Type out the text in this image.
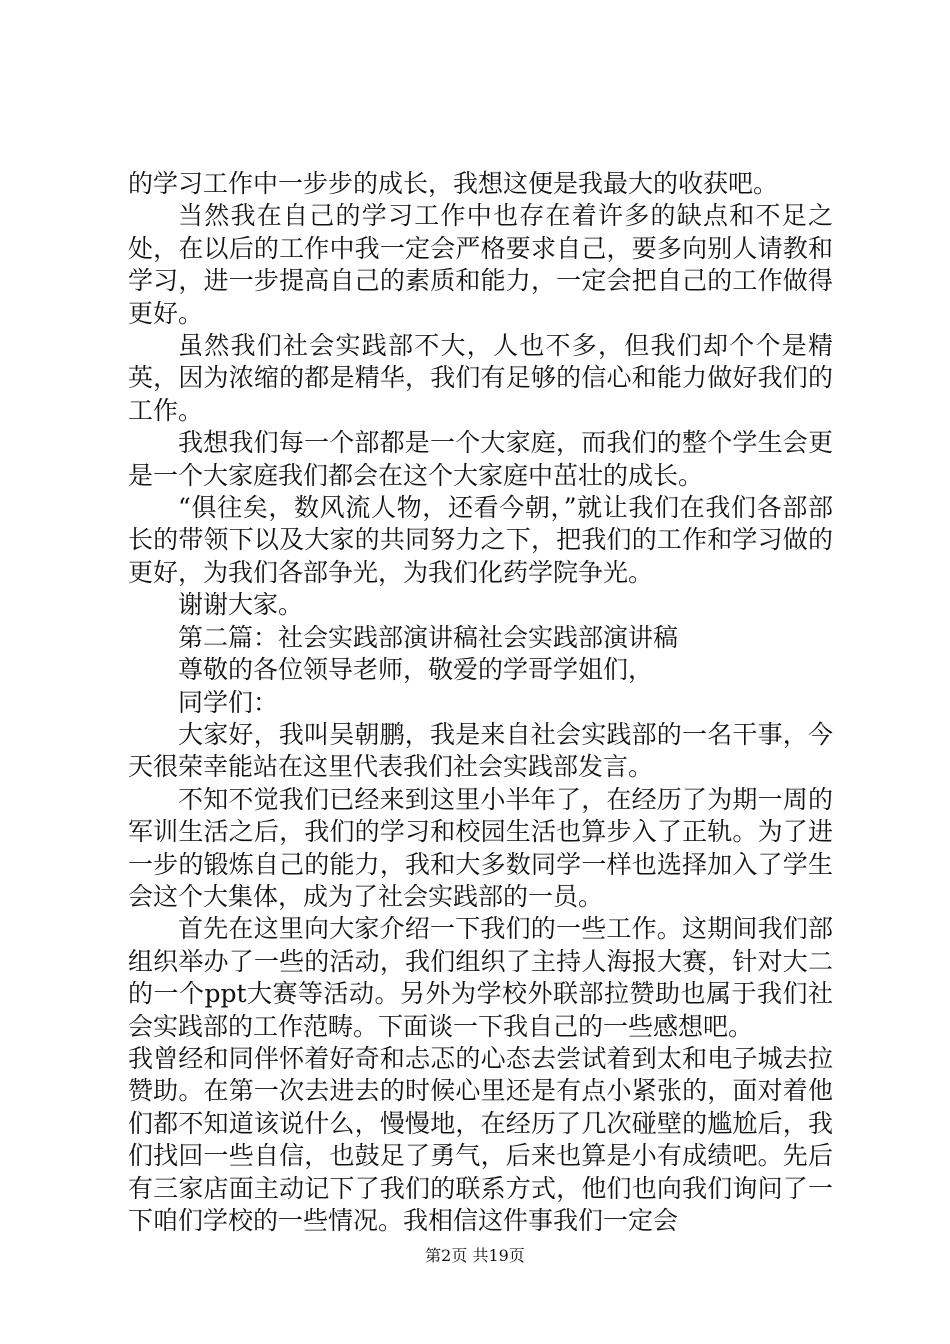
的学习工作中一步步的成长，我想这便是我最大的收获吧。

当然我在自己的学习工作中也存在着许多的缺点和不足之处，在以后的工作中我一定会严格要求自己，要多向别人请教和学习，进一步提高自己的素质和能力，一定会把自己的工作做得更好。

虽然我们社会实践部不大，人也不多，但我们却个个是精英，因为浓缩的都是精华，我们有足够的信心和能力做好我们的工作。

我想我们每一个部都是一个大家庭，而我们的整个学生会更是一个大家庭我们都会在这个大家庭中茁壮的成长。

“俱往矣，数风流人物，还看今朝，”就让我们在我们各部部长的带领下以及大家的共同努力之下，把我们的工作和学习做的更好，为我们各部争光，为我们化药学院争光。

谢谢大家。

第二篇：社会实践部演讲稿社会实践部演讲稿

尊敬的各位领导老师，敬爱的学哥学姐们，

同学们：

大家好，我叫吴朝鹏，我是来自社会实践部的一名干事，今天很荣幸能站在这里代表我们社会实践部发言。

不知不觉我们已经来到这里小半年了，在经历了为期一周的军训生活之后，我们的学习和校园生活也算步入了正轨。为了进一步的锻炼自己的能力，我和大多数同学一样也选择加入了学生会这个大集体，成为了社会实践部的一员。

首先在这里向大家介绍一下我们的一些工作。这期间我们部组织举办了一些的活动，我们组织了主持人海报大赛，针对大二的一个ppt大赛等活动。另外为学校外联部拉赞助也属于我们社会实践部的工作范畴。下面谈一下我自己的一些感想吧。

我曾经和同伴怀着好奇和忐忑的心态去尝试着到太和电子城去拉赞助。在第一次去进去的时候心里还是有点小紧张的，面对着他们都不知道该说什么，慢慢地，在经历了几次碰壁的尴尬后，我们找回一些自信，也鼓足了勇气，后来也算是小有成绩吧。先后有三家店面主动记下了我们的联系方式，他们也向我们询问了一下咱们学校的一些情况。我相信这件事我们一定会

第2页 共19页
